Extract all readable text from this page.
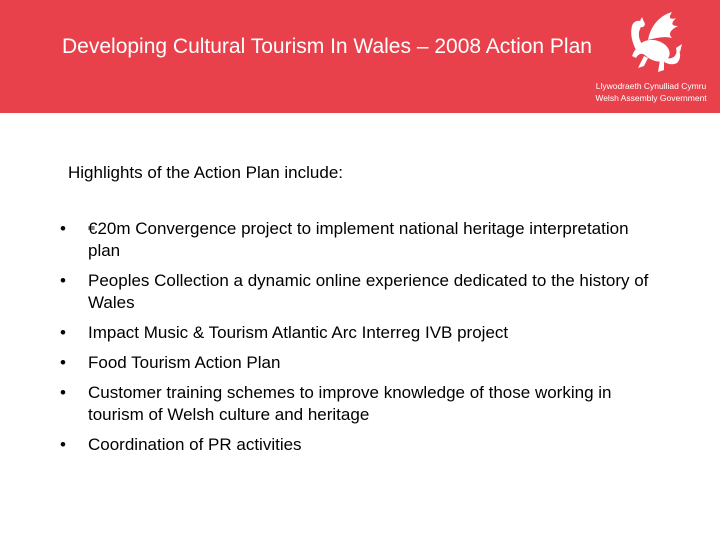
Developing Cultural Tourism In Wales – 2008 Action Plan
Llywodraeth Cynulliad Cymru
Welsh Assembly Government

Highlights of the Action Plan include:

•	€20m Convergence project to implement national heritage interpretation plan
•	Peoples Collection a dynamic online experience dedicated to the history of Wales
•	Impact Music & Tourism Atlantic Arc Interreg IVB project
•	Food Tourism Action Plan
•	Customer training schemes to improve knowledge of those working in tourism of Welsh culture and heritage
•	Coordination of PR activities
